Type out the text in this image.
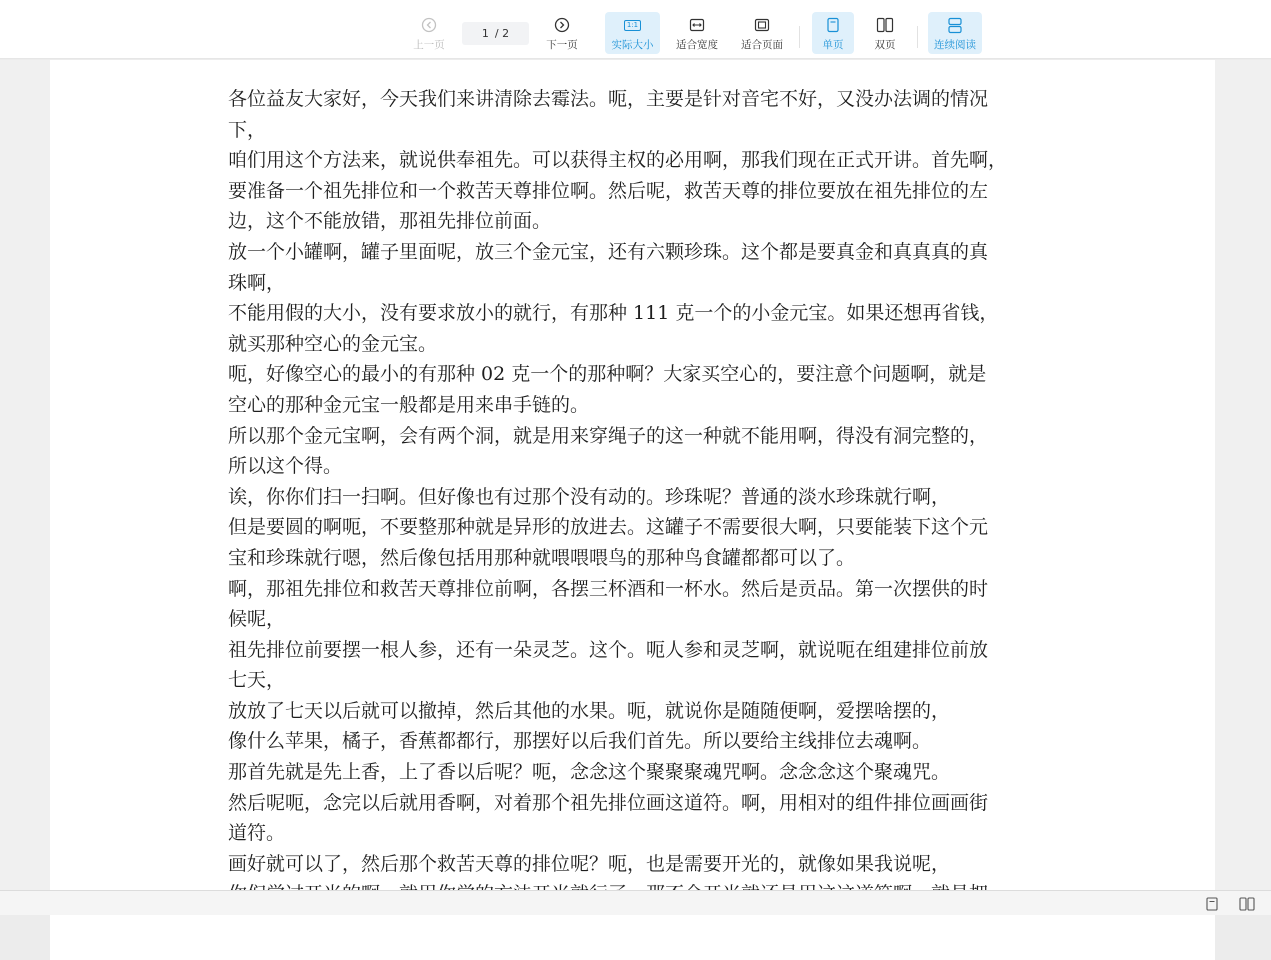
上一页
1 / 2
下一页
1:1
实际大小 适合宽度 适合页面	单页	双页	连续阅读

各位益友大家好，今天我们来讲清除去霉法。呃，主要是针对音宅不好，又没办法调的情况

下，

咱们用这个方法来，就说供奉祖先。可以获得主权的必用啊，那我们现在正式开讲。首先啊，

要准备一个祖先排位和一个救苦天尊排位啊。然后呢，救苦天尊的排位要放在祖先排位的左

边，这个不能放错，那祖先排位前面。

放一个小罐啊，罐子里面呢，放三个金元宝，还有六颗珍珠。这个都是要真金和真真真的真

珠啊，

不能用假的大小，没有要求放小的就行，有那种 111 克一个的小金元宝。如果还想再省钱，

就买那种空心的金元宝。

呃，好像空心的最小的有那种 02 克一个的那种啊？大家买空心的，要注意个问题啊，就是

空心的那种金元宝一般都是用来串手链的。

所以那个金元宝啊，会有两个洞，就是用来穿绳子的这一种就不能用啊，得没有洞完整的，

所以这个得。

诶，你你们扫一扫啊。但好像也有过那个没有动的。珍珠呢？普通的淡水珍珠就行啊，

但是要圆的啊呃，不要整那种就是异形的放进去。这罐子不需要很大啊，只要能装下这个元

宝和珍珠就行嗯，然后像包括用那种就喂喂喂鸟的那种鸟食罐都都可以了。

啊，那祖先排位和救苦天尊排位前啊，各摆三杯酒和一杯水。然后是贡品。第一次摆供的时

候呢，

祖先排位前要摆一根人参，还有一朵灵芝。这个。呃人参和灵芝啊，就说呃在组建排位前放

七天，

放放了七天以后就可以撤掉，然后其他的水果。呃，就说你是随随便啊，爱摆啥摆的，

像什么苹果，橘子，香蕉都都行，那摆好以后我们首先。所以要给主线排位去魂啊。

那首先就是先上香，上了香以后呢？呃，念念这个聚聚聚魂咒啊。念念念这个聚魂咒。

然后呢呃，念完以后就用香啊，对着那个祖先排位画这道符。啊，用相对的组件排位画画街

道符。

画好就可以了，然后那个救苦天尊的排位呢？呃，也是需要开光的，就像如果我说呢，
